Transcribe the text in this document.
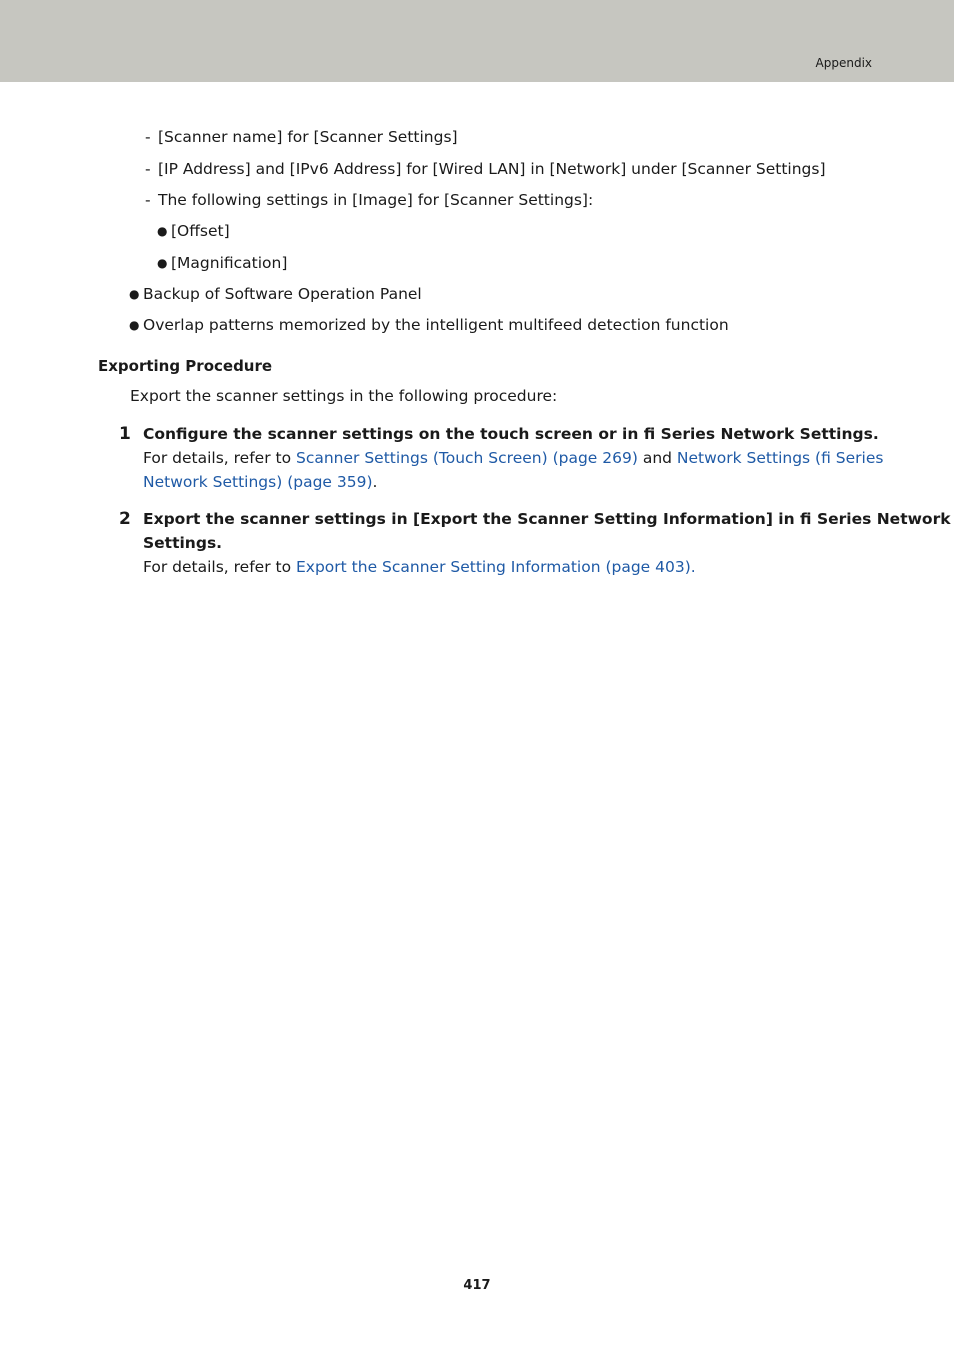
Appendix
- [Scanner name] for [Scanner Settings]
- [IP Address] and [IPv6 Address] for [Wired LAN] in [Network] under [Scanner Settings]
- The following settings in [Image] for [Scanner Settings]:
● [Offset]
● [Magnification]
● Backup of Software Operation Panel
● Overlap patterns memorized by the intelligent multifeed detection function
Exporting Procedure
Export the scanner settings in the following procedure:
1 Configure the scanner settings on the touch screen or in fi Series Network Settings.
For details, refer to Scanner Settings (Touch Screen) (page 269) and Network Settings (fi Series
Network Settings) (page 359).
2 Export the scanner settings in [Export the Scanner Setting Information] in fi Series Network
Settings.
For details, refer to Export the Scanner Setting Information (page 403).
417
